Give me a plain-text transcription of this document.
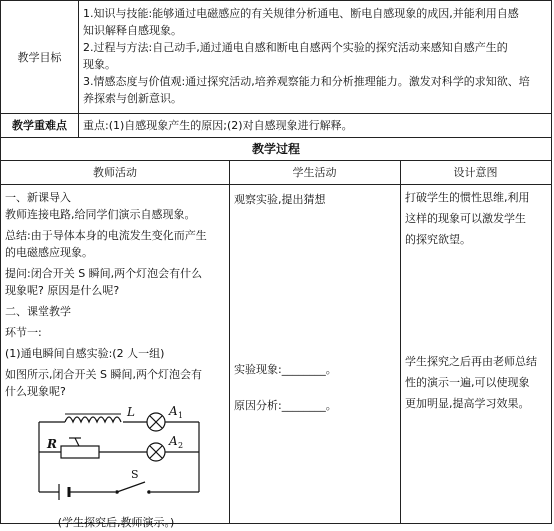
教学目标
1.知识与技能:能够通过电磁感应的有关规律分析通电、断电自感现象的成因,并能利用自感
知识解释自感现象。
2.过程与方法:自己动手,通过通电自感和断电自感两个实验的探究活动来感知自感产生的
现象。
3.情感态度与价值观:通过探究活动,培养观察能力和分析推理能力。激发对科学的求知欲、培
养探索与创新意识。
教学重难点 重点:(1)自感现象产生的原因;(2)对自感现象进行解释。
教学过程
教师活动	学生活动	设计意图
一、新课导入
教师连接电路,给同学们演示自感现象。
总结:由于导体本身的电流发生变化而产生
的电磁感应现象。
提问:闭合开关 S 瞬间,两个灯泡会有什么
现象呢? 原因是什么呢?
二、课堂教学
环节一:
(1)通电瞬间自感实验:(2 人一组)
如图所示,闭合开关 S 瞬间,两个灯泡会有
什么现象呢?
L
R
A 1
A 2
S
(学生探究后,教师演示。)
观察实验,提出猜想
实验现象:________。
原因分析:________。
打破学生的惯性思维,利用
这样的现象可以激发学生
的探究欲望。
学生探究之后再由老师总结
性的演示一遍,可以使现象
更加明显,提高学习效果。
